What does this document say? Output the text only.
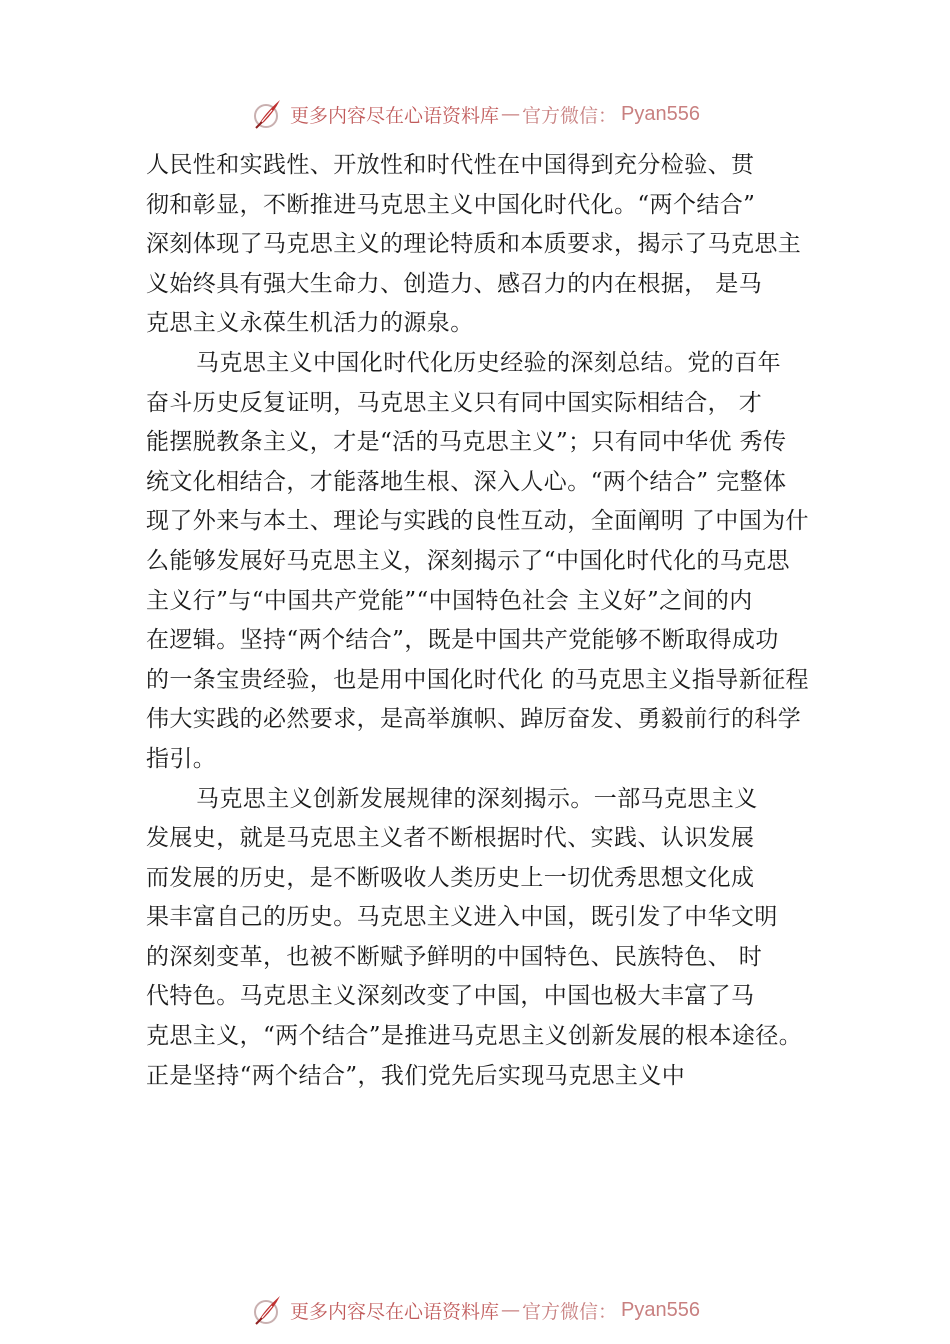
更多内容尽在心语资料库 — 官方微信： Pyan556
人民性和实践性、开放性和时代性在中国得到充分检验、贯
彻和彰显，不断推进马克思主义中国化时代化。“两个结合”
深刻体现了马克思主义的理论特质和本质要求，揭示了马克思主
义始终具有强大生命力、创造力、感召力的内在根据， 是马
克思主义永葆生机活力的源泉。
马克思主义中国化时代化历史经验的深刻总结。党的百年
奋斗历史反复证明，马克思主义只有同中国实际相结合， 才
能摆脱教条主义，才是“活的马克思主义”；只有同中华优 秀传
统文化相结合，才能落地生根、深入人心。“两个结合” 完整体
现了外来与本土、理论与实践的良性互动，全面阐明 了中国为什
么能够发展好马克思主义，深刻揭示了“中国化时代化的马克思
主义行”与“中国共产党能”“中国特色社会 主义好”之间的内
在逻辑。坚持“两个结合”，既是中国共产党能够不断取得成功
的一条宝贵经验，也是用中国化时代化 的马克思主义指导新征程
伟大实践的必然要求，是高举旗帜、踔厉奋发、勇毅前行的科学
指引。
马克思主义创新发展规律的深刻揭示。一部马克思主义
发展史，就是马克思主义者不断根据时代、实践、认识发展
而发展的历史，是不断吸收人类历史上一切优秀思想文化成
果丰富自己的历史。马克思主义进入中国，既引发了中华文明
的深刻变革，也被不断赋予鲜明的中国特色、民族特色、 时
代特色。马克思主义深刻改变了中国，中国也极大丰富了马
克思主义，“两个结合”是推进马克思主义创新发展的根本途径。
正是坚持“两个结合”，我们党先后实现马克思主义中
更多内容尽在心语资料库 — 官方微信： Pyan556
